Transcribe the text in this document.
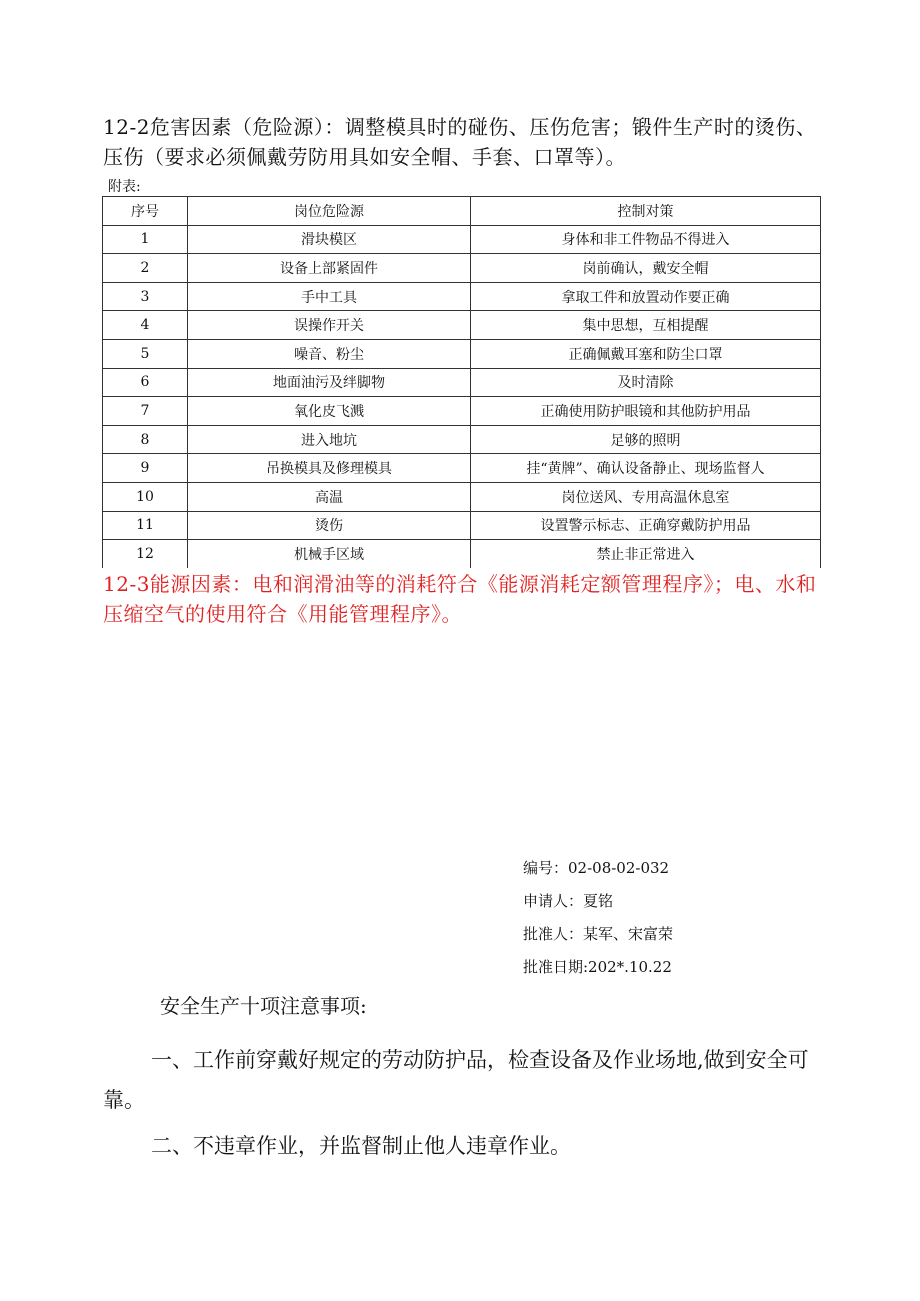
12-2危害因素（危险源）：调整模具时的碰伤、压伤危害；锻件生产时的烫伤、压伤（要求必须佩戴劳防用具如安全帽、手套、口罩等）。
附表:
序号	岗位危险源	控制对策
1	滑块模区	身体和非工件物品不得进入
2	设备上部紧固件	岗前确认，戴安全帽
3	手中工具	拿取工件和放置动作要正确
4	误操作开关	集中思想，互相提醒
5	噪音、粉尘	正确佩戴耳塞和防尘口罩
6	地面油污及绊脚物	及时清除
7	氧化皮飞溅	正确使用防护眼镜和其他防护用品
8	进入地坑	足够的照明
9	吊换模具及修理模具	挂“黄牌”、确认设备静止、现场监督人
10	高温	岗位送风、专用高温休息室
11	烫伤	设置警示标志、正确穿戴防护用品
12	机械手区域	禁止非正常进入
12-3能源因素：电和润滑油等的消耗符合《能源消耗定额管理程序》；电、水和压缩空气的使用符合《用能管理程序》。
编号：02-08-02-032
申请人：夏铭
批准人：某军、宋富荣
批准日期:202*.10.22
安全生产十项注意事项:
一、工作前穿戴好规定的劳动防护品，检查设备及作业场地,做到安全可靠。
二、不违章作业，并监督制止他人违章作业。
